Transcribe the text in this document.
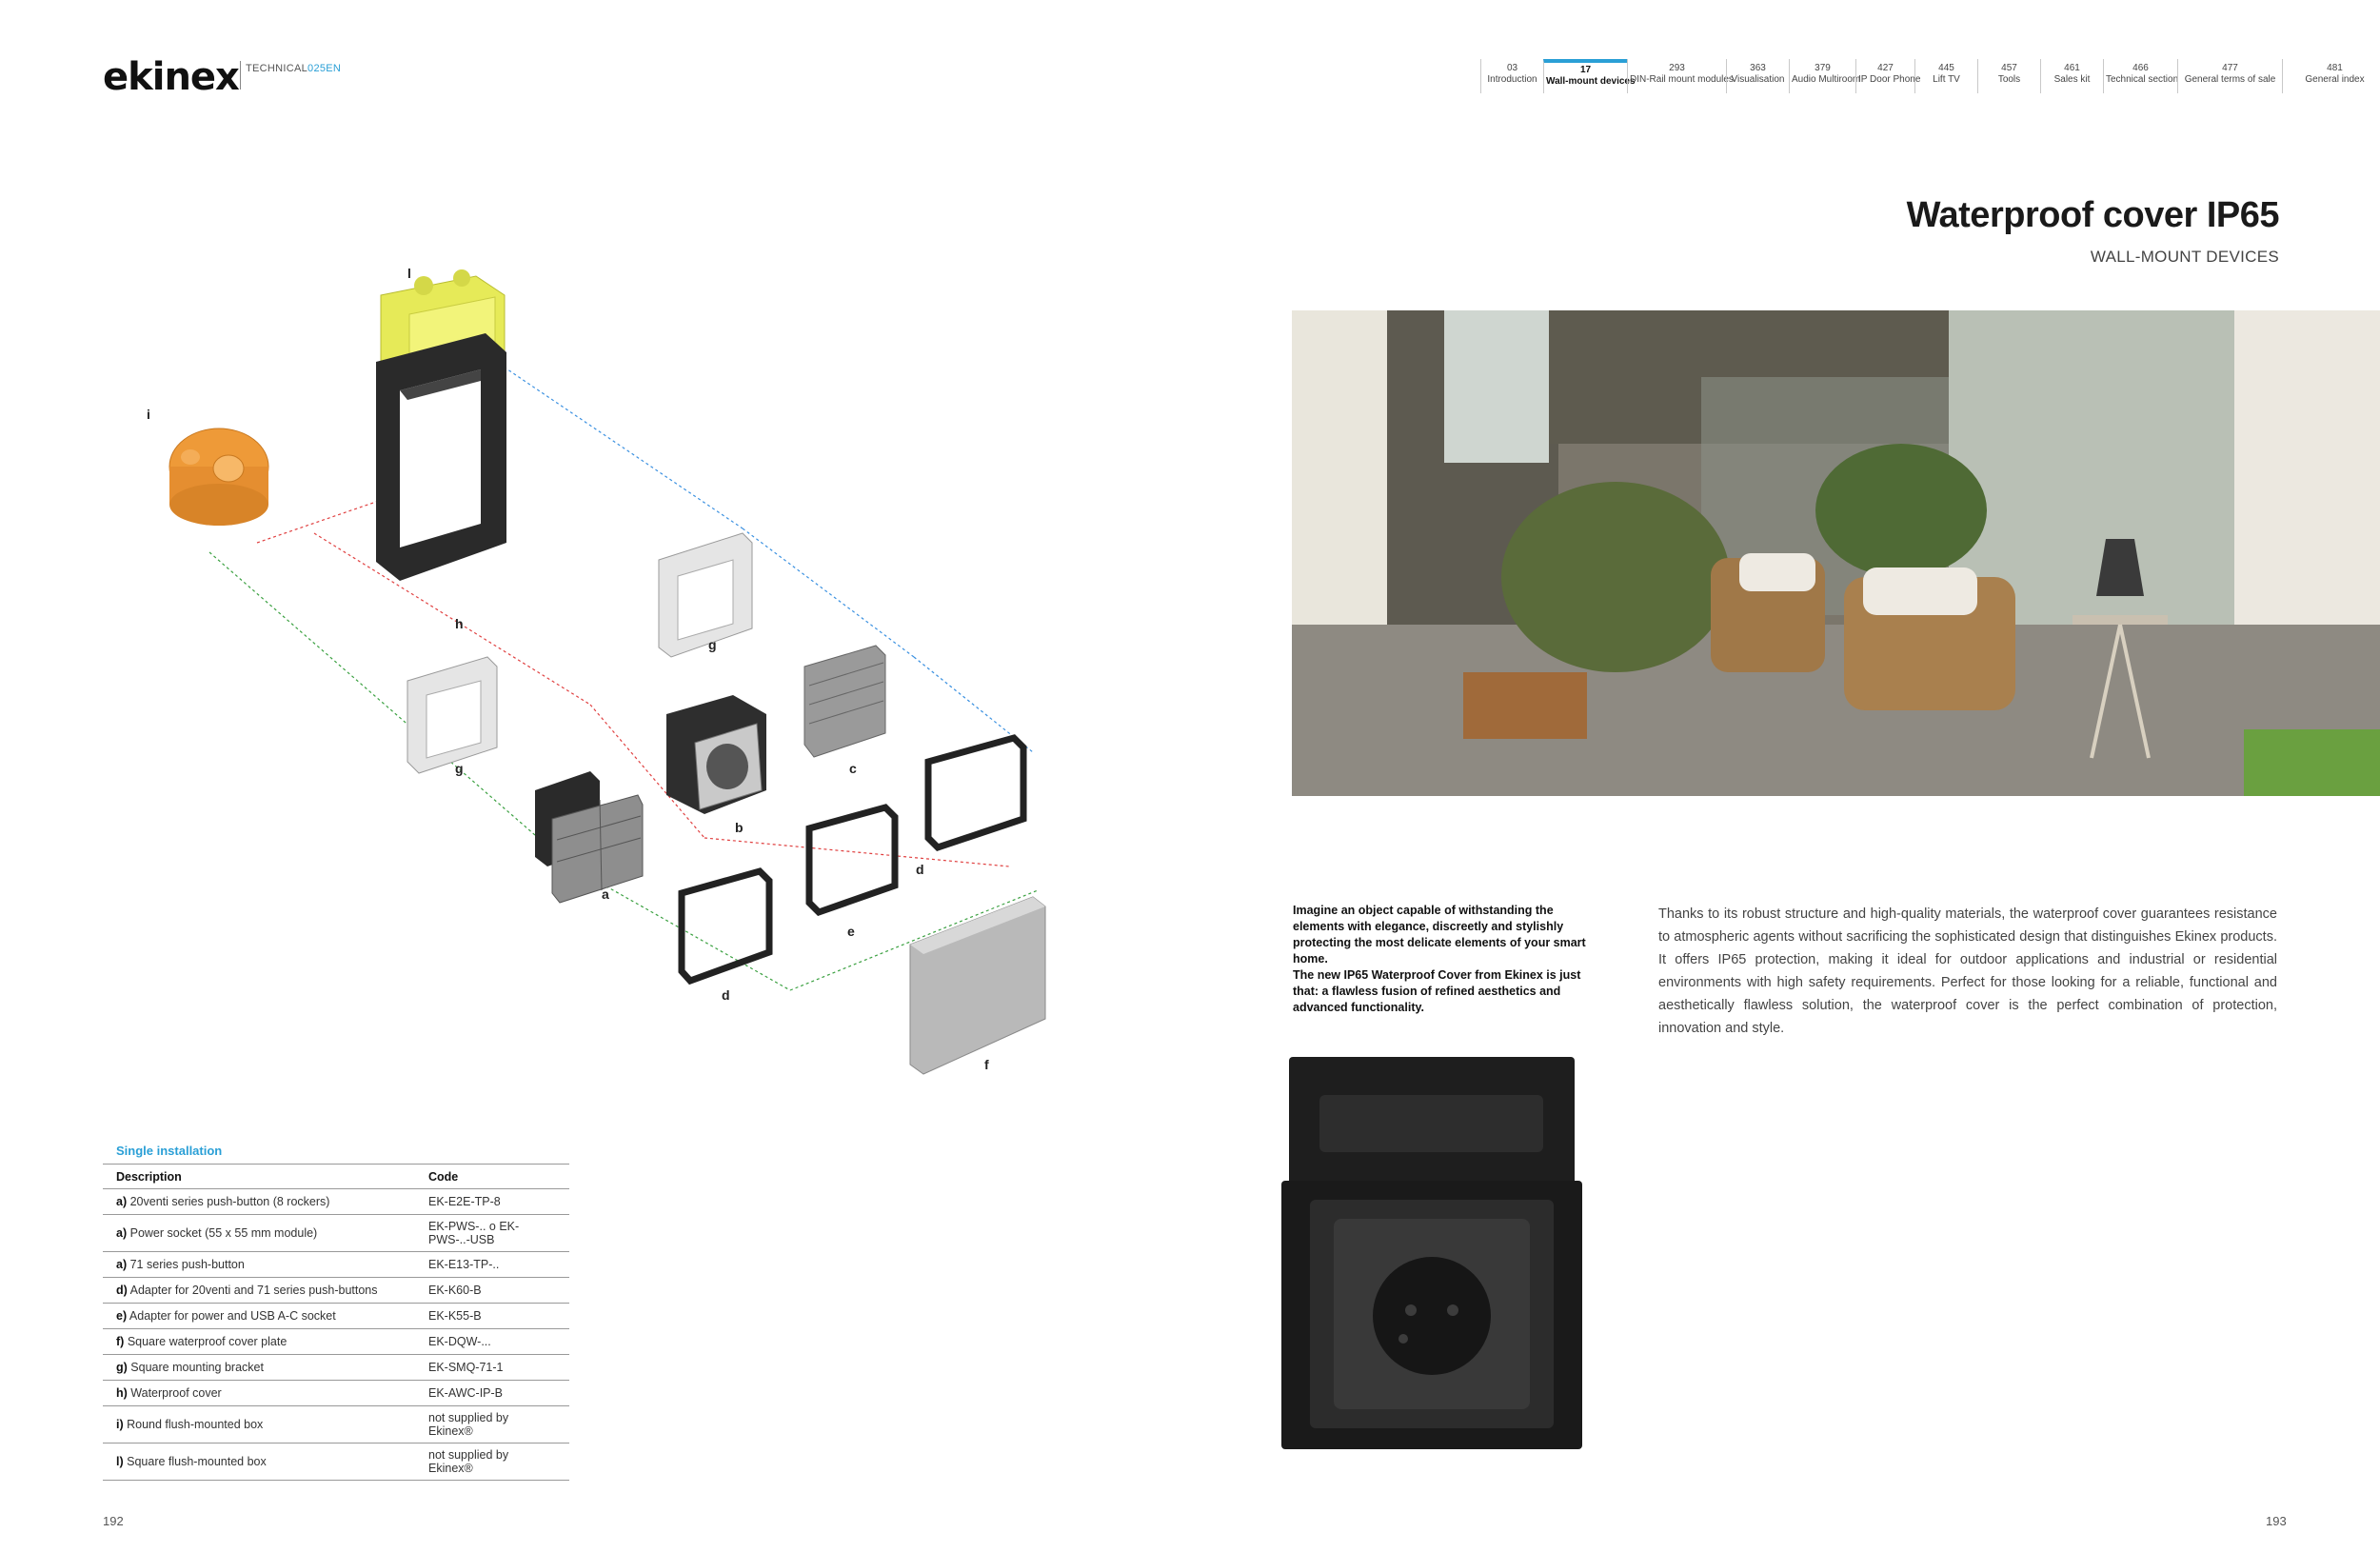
ekinex TECHNICAL025EN	03
Introduction
17
Wall-mount devices
293
DIN-Rail mount modules
363
Visualisation
379
Audio Multiroom
427
IP Door Phone
445
Lift TV
457
Tools
461
Sales kit
466
Technical section
477
General terms of sale
481
General index
l
i
h
g
g	c
b
a
d
e
d
f
Single installation
Description	Code
a) 20venti series push-button (8 rockers)	EK-E2E-TP-8
a) Power socket (55 x 55 mm module)	EK-PWS-.. o EK-PWS-..-USB
a) 71 series push-button	EK-E13-TP-..
d) Adapter for 20venti and 71 series push-buttons	EK-K60-B
e) Adapter for power and USB A-C socket	EK-K55-B
f) Square waterproof cover plate	EK-DQW-...
g) Square mounting bracket	EK-SMQ-71-1
h) Waterproof cover	EK-AWC-IP-B
i) Round flush-mounted box	not supplied by Ekinex®
l) Square flush-mounted box	not supplied by Ekinex®
192
Waterproof cover IP65
WALL-MOUNT DEVICES

Imagine an object capable of withstanding the elements with elegance, discreetly and stylishly protecting the most delicate elements of your smart home.

The new IP65 Waterproof Cover from Ekinex is just that: a flawless fusion of refined aesthetics and advanced functionality.

Thanks to its robust structure and high-quality materials, the waterproof cover guarantees resistance to atmospheric agents without sacrificing the sophisticated design that distinguishes Ekinex products. It offers IP65 protection, making it ideal for outdoor applications and industrial or residential environments with high safety requirements. Perfect for those looking for a reliable, functional and aesthetically flawless solution, the waterproof cover is the perfect combination of protection, innovation and style.
193
